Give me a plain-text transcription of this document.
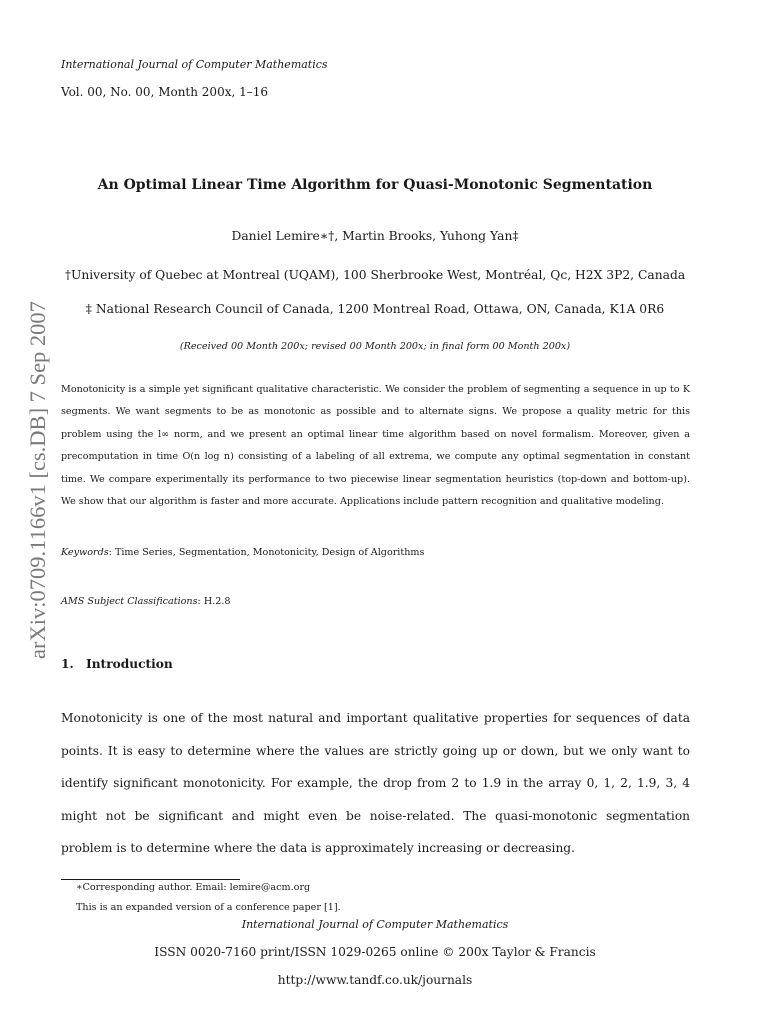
arXiv:0709.1166v1 [cs.DB] 7 Sep 2007
International Journal of Computer Mathematics
Vol. 00, No. 00, Month 200x, 1–16
An Optimal Linear Time Algorithm for Quasi-Monotonic Segmentation
Daniel Lemire∗†, Martin Brooks, Yuhong Yan‡
†University of Quebec at Montreal (UQAM), 100 Sherbrooke West, Montréal, Qc, H2X 3P2, Canada
‡ National Research Council of Canada, 1200 Montreal Road, Ottawa, ON, Canada, K1A 0R6
(Received 00 Month 200x; revised 00 Month 200x; in final form 00 Month 200x)
Monotonicity is a simple yet significant qualitative characteristic. We consider the problem of segmenting a sequence in up to K segments. We want segments to be as monotonic as possible and to alternate signs. We propose a quality metric for this problem using the l∞ norm, and we present an optimal linear time algorithm based on novel formalism. Moreover, given a precomputation in time O(n log n) consisting of a labeling of all extrema, we compute any optimal segmentation in constant time. We compare experimentally its performance to two piecewise linear segmentation heuristics (top-down and bottom-up). We show that our algorithm is faster and more accurate. Applications include pattern recognition and qualitative modeling.
Keywords: Time Series, Segmentation, Monotonicity, Design of Algorithms
AMS Subject Classifications: H.2.8
1. Introduction
Monotonicity is one of the most natural and important qualitative properties for sequences of data points. It is easy to determine where the values are strictly going up or down, but we only want to identify significant monotonicity. For example, the drop from 2 to 1.9 in the array 0, 1, 2, 1.9, 3, 4 might not be significant and might even be noise-related. The quasi-monotonic segmentation problem is to determine where the data is approximately increasing or decreasing.
∗Corresponding author. Email: lemire@acm.org
This is an expanded version of a conference paper [1].
International Journal of Computer Mathematics
ISSN 0020-7160 print/ISSN 1029-0265 online © 200x Taylor & Francis
http://www.tandf.co.uk/journals
